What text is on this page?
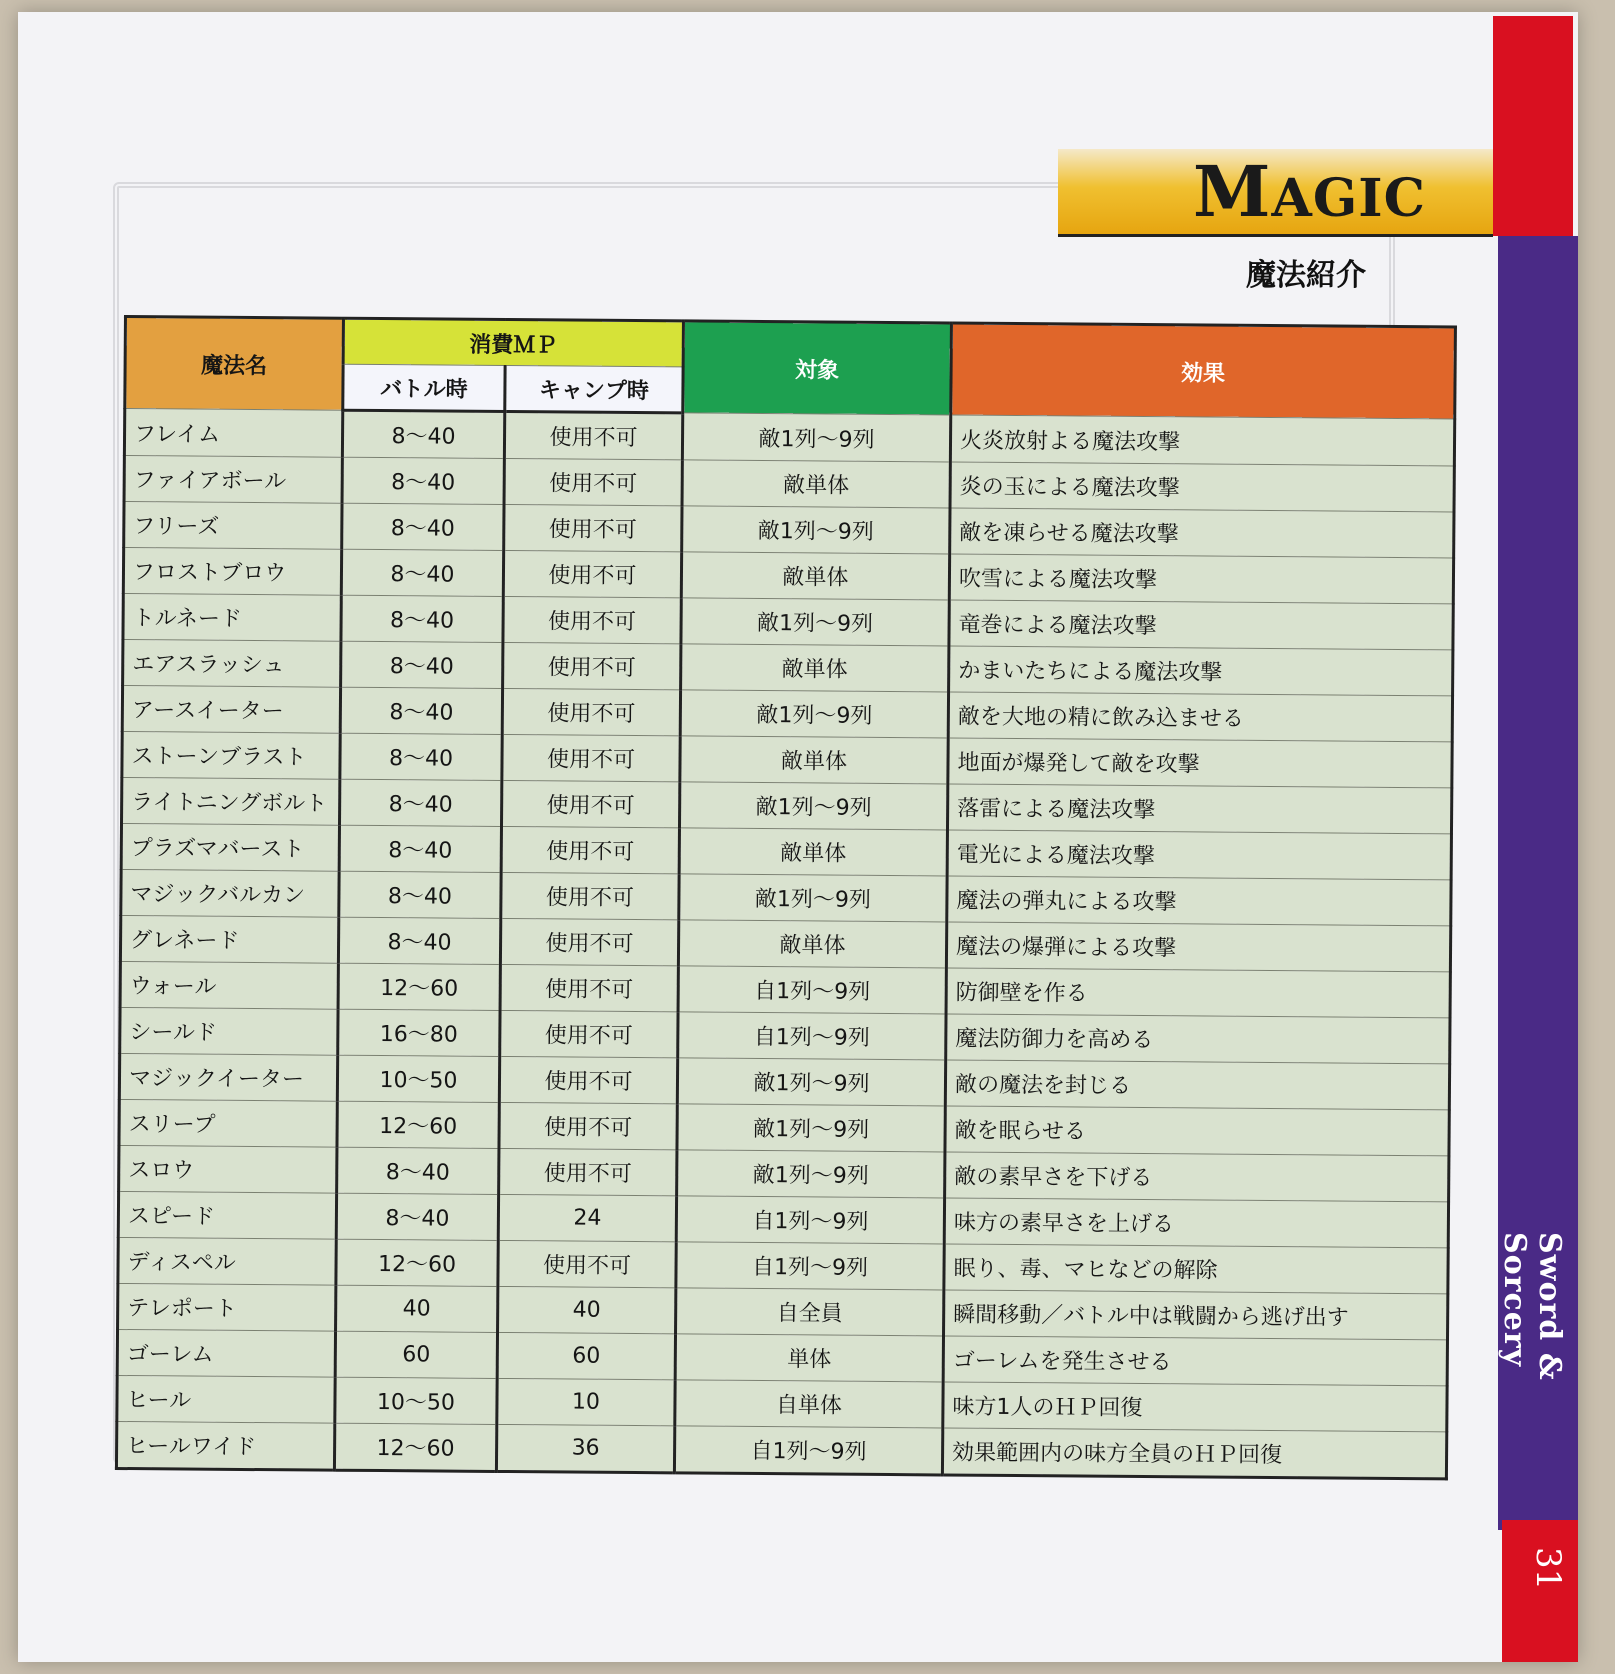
Sword & Sorcery
31
MAGIC
魔法紹介
魔法名	消費ＭＰ		対象	効果
	バトル時	キャンプ時		
フレイム	8～40	使用不可	敵1列～9列	火炎放射よる魔法攻撃
ファイアボール	8～40	使用不可	敵単体	炎の玉による魔法攻撃
フリーズ	8～40	使用不可	敵1列～9列	敵を凍らせる魔法攻撃
フロストブロウ	8～40	使用不可	敵単体	吹雪による魔法攻撃
トルネード	8～40	使用不可	敵1列～9列	竜巻による魔法攻撃
エアスラッシュ	8～40	使用不可	敵単体	かまいたちによる魔法攻撃
アースイーター	8～40	使用不可	敵1列～9列	敵を大地の精に飲み込ませる
ストーンブラスト	8～40	使用不可	敵単体	地面が爆発して敵を攻撃
ライトニングボルト	8～40	使用不可	敵1列～9列	落雷による魔法攻撃
プラズマバースト	8～40	使用不可	敵単体	電光による魔法攻撃
マジックバルカン	8～40	使用不可	敵1列～9列	魔法の弾丸による攻撃
グレネード	8～40	使用不可	敵単体	魔法の爆弾による攻撃
ウォール	12～60	使用不可	自1列～9列	防御壁を作る
シールド	16～80	使用不可	自1列～9列	魔法防御力を高める
マジックイーター	10～50	使用不可	敵1列～9列	敵の魔法を封じる
スリープ	12～60	使用不可	敵1列～9列	敵を眠らせる
スロウ	8～40	使用不可	敵1列～9列	敵の素早さを下げる
スピード	8～40	24	自1列～9列	味方の素早さを上げる
ディスペル	12～60	使用不可	自1列～9列	眠り、毒、マヒなどの解除
テレポート	40	40	自全員	瞬間移動／バトル中は戦闘から逃げ出す
ゴーレム	60	60	単体	ゴーレムを発生させる
ヒール	10～50	10	自単体	味方1人のＨＰ回復
ヒールワイド	12～60	36	自1列～9列	効果範囲内の味方全員のＨＰ回復
